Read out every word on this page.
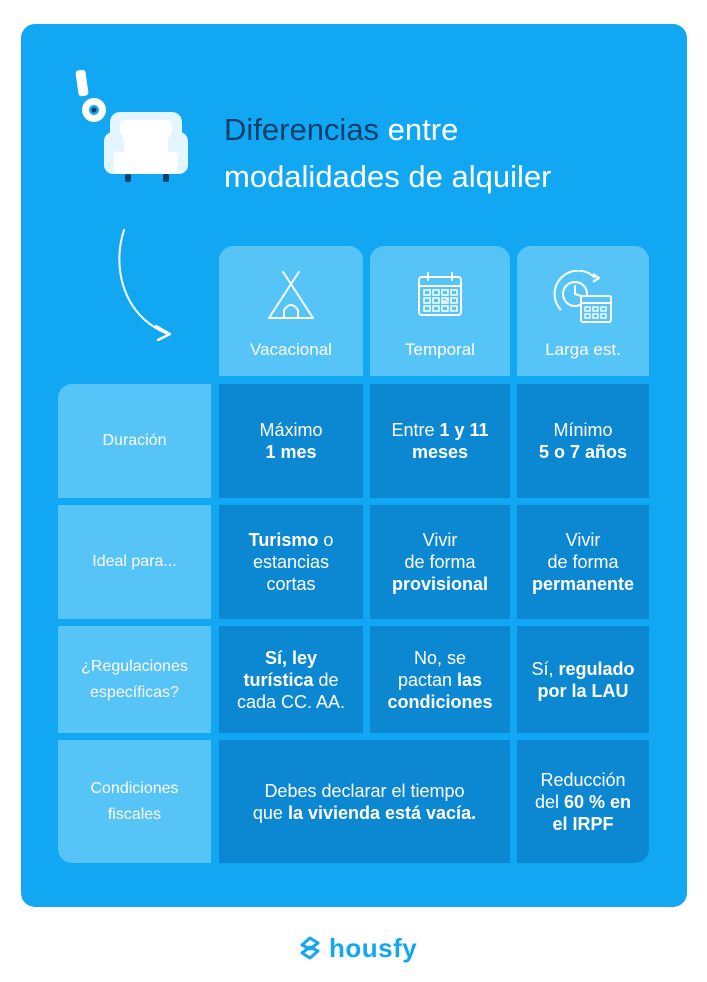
Diferencias entre
modalidades de alquiler
Vacacional	Temporal	Larga est.
Duración
Máximo
1 mes
Entre 1 y 11
meses
Mínimo
5 o 7 años
Ideal para...
Turismo o
estancias
cortas
Vivir
de forma
provisional
Vivir
de forma
permanente
¿Regulaciones
específicas?
Sí, ley
turística de
cada CC. AA.
No, se
pactan las
condiciones
Sí, regulado
por la LAU
Condiciones
fiscales
Debes declarar el tiempo
que la vivienda está vacía.
Reducción
del 60 % en
el IRPF
housfy
